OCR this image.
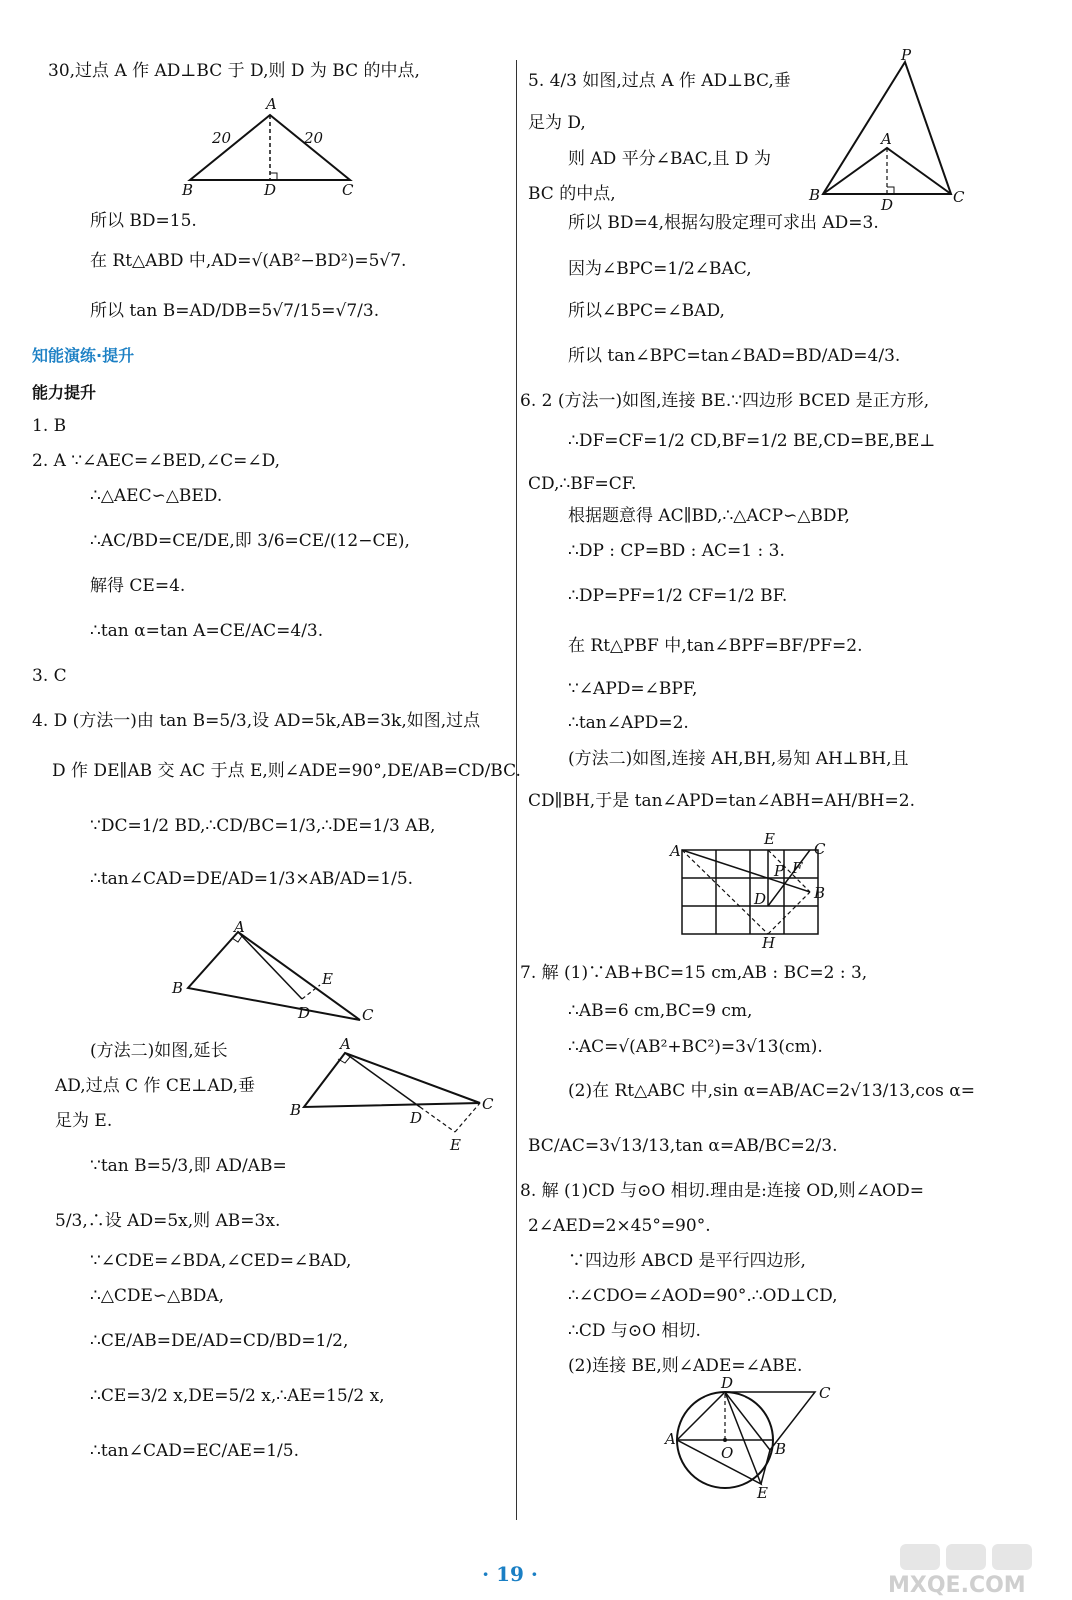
30,过点 A 作 AD⊥BC 于 D,则 D 为 BC 的中点,
A
B	C
D
20	20
所以 BD=15.
在 Rt△ABD 中,AD=√(AB²−BD²)=5√7.
所以 tan B=AD/DB=5√7/15=√7/3.
知能演练·提升
能力提升
1. B
2. A ∵∠AEC=∠BED,∠C=∠D,
∴△AEC∽△BED.
∴AC/BD=CE/DE,即 3/6=CE/(12−CE),
解得 CE=4.
∴tan α=tan A=CE/AC=4/3.
3. C
4. D (方法一)由 tan B=5/3,设 AD=5k,AB=3k,如图,过点
D 作 DE∥AB 交 AC 于点 E,则∠ADE=90°,DE/AB=CD/BC.
∵DC=1/2 BD,∴CD/BC=1/3,∴DE=1/3 AB,
∴tan∠CAD=DE/AD=1/3×AB/AD=1/5.
A
B
C
D
E
(方法二)如图,延长
AD,过点 C 作 CE⊥AD,垂
足为 E.
A
B	C
D
E
∵tan B=5/3,即 AD/AB=
5/3,∴设 AD=5x,则 AB=3x.
∵∠CDE=∠BDA,∠CED=∠BAD,
∴△CDE∽△BDA,
∴CE/AB=DE/AD=CD/BD=1/2,
∴CE=3/2 x,DE=5/2 x,∴AE=15/2 x,
∴tan∠CAD=EC/AE=1/5.
5. 4/3 如图,过点 A 作 AD⊥BC,垂
P
A
B	C
D
足为 D,
则 AD 平分∠BAC,且 D 为
BC 的中点,
所以 BD=4,根据勾股定理可求出 AD=3.
因为∠BPC=1/2∠BAC,
所以∠BPC=∠BAD,
所以 tan∠BPC=tan∠BAD=BD/AD=4/3.
6. 2 (方法一)如图,连接 BE.∵四边形 BCED 是正方形,
∴DF=CF=1/2 CD,BF=1/2 BE,CD=BE,BE⊥
CD,∴BF=CF.
根据题意得 AC∥BD,∴△ACP∽△BDP,
∴DP : CP=BD : AC=1 : 3.
∴DP=PF=1/2 CF=1/2 BF.
在 Rt△PBF 中,tan∠BPF=BF/PF=2.
∵∠APD=∠BPF,
∴tan∠APD=2.
(方法二)如图,连接 AH,BH,易知 AH⊥BH,且
CD∥BH,于是 tan∠APD=tan∠ABH=AH/BH=2.
A
E
C
P F
B
D
H
7. 解 (1)∵AB+BC=15 cm,AB : BC=2 : 3,
∴AB=6 cm,BC=9 cm,
∴AC=√(AB²+BC²)=3√13(cm).
(2)在 Rt△ABC 中,sin α=AB/AC=2√13/13,cos α=
BC/AC=3√13/13,tan α=AB/BC=2/3.
8. 解 (1)CD 与⊙O 相切.理由是:连接 OD,则∠AOD=
2∠AED=2×45°=90°.
∵四边形 ABCD 是平行四边形,
∴∠CDO=∠AOD=90°.∴OD⊥CD,
∴CD 与⊙O 相切.
(2)连接 BE,则∠ADE=∠ABE.
D
C
A
B
O
E
· 19 ·	MXQE.COM
